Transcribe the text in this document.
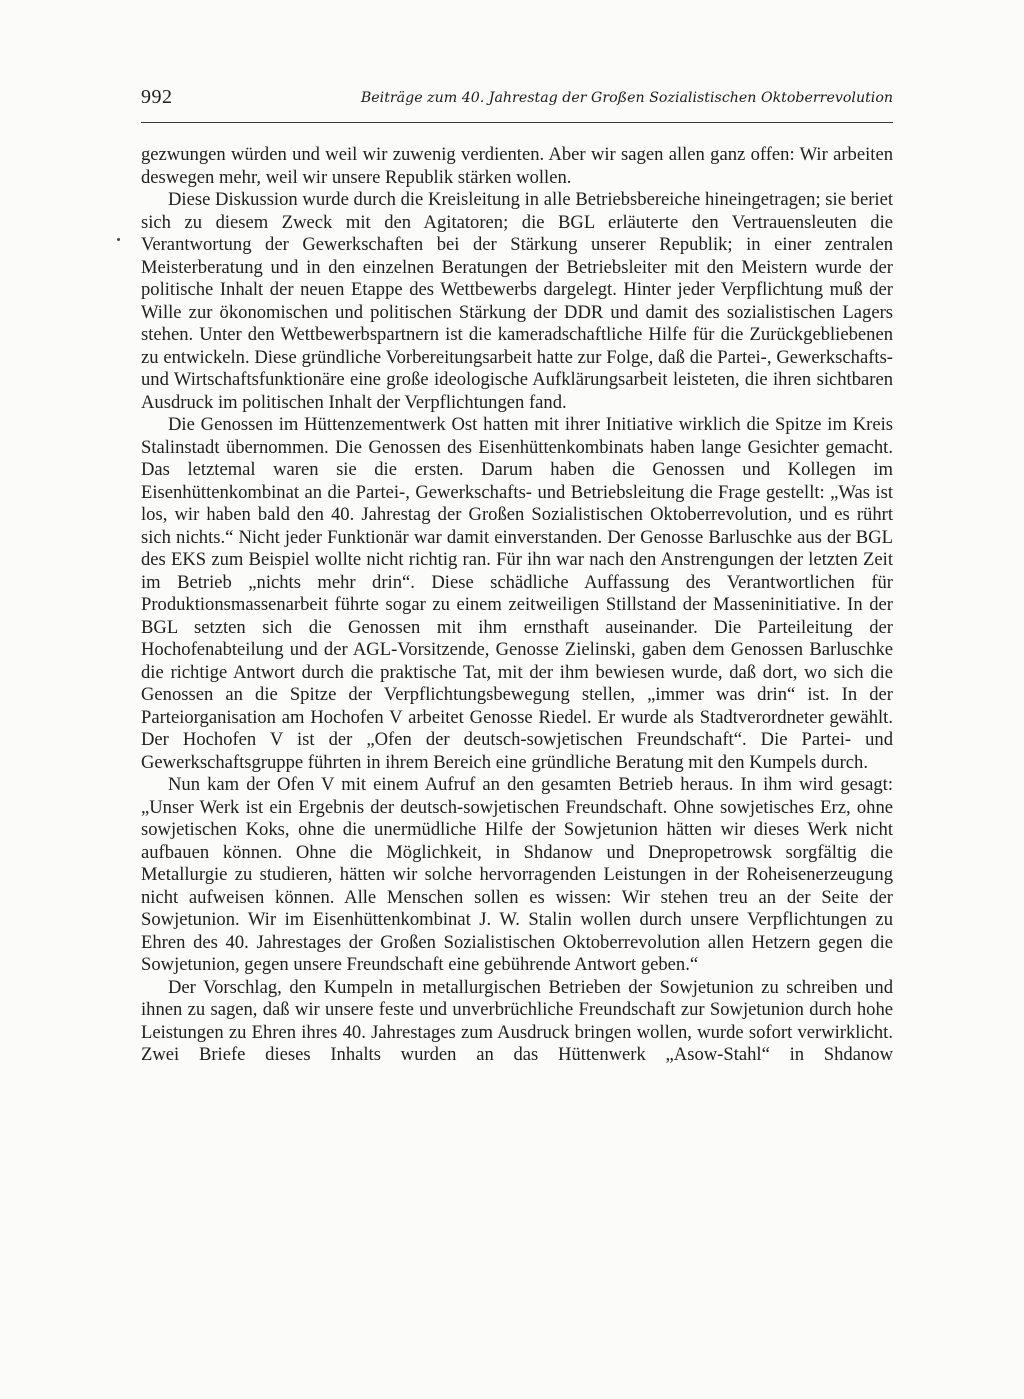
992	Beiträge zum 40. Jahrestag der Großen Sozialistischen Oktoberrevolution

gezwungen würden und weil wir zuwenig verdienten. Aber wir sagen allen ganz offen: Wir arbeiten deswegen mehr, weil wir unsere Republik stärken wollen.

Diese Diskussion wurde durch die Kreisleitung in alle Betriebsbereiche hineingetragen; sie beriet sich zu diesem Zweck mit den Agitatoren; die BGL erläuterte den Vertrauensleuten die Verantwortung der Gewerkschaften bei der Stärkung unserer Republik; in einer zentralen Meisterberatung und in den einzelnen Beratungen der Betriebsleiter mit den Meistern wurde der politische Inhalt der neuen Etappe des Wettbewerbs dargelegt. Hinter jeder Verpflichtung muß der Wille zur ökonomischen und politischen Stärkung der DDR und damit des sozialistischen Lagers stehen. Unter den Wettbewerbspartnern ist die kameradschaftliche Hilfe für die Zurückgebliebenen zu entwickeln. Diese gründliche Vorbereitungsarbeit hatte zur Folge, daß die Partei-, Gewerkschafts- und Wirtschaftsfunktionäre eine große ideologische Aufklärungsarbeit leisteten, die ihren sichtbaren Ausdruck im politischen Inhalt der Verpflichtungen fand.

Die Genossen im Hüttenzementwerk Ost hatten mit ihrer Initiative wirklich die Spitze im Kreis Stalinstadt übernommen. Die Genossen des Eisenhüttenkombinats haben lange Gesichter gemacht. Das letztemal waren sie die ersten. Darum haben die Genossen und Kollegen im Eisenhüttenkombinat an die Partei-, Gewerkschafts- und Betriebsleitung die Frage gestellt: „Was ist los, wir haben bald den 40. Jahrestag der Großen Sozialistischen Oktoberrevolution, und es rührt sich nichts.“ Nicht jeder Funktionär war damit einverstanden. Der Genosse Barluschke aus der BGL des EKS zum Beispiel wollte nicht richtig ran. Für ihn war nach den Anstrengungen der letzten Zeit im Betrieb „nichts mehr drin“. Diese schädliche Auffassung des Verantwortlichen für Produktionsmassenarbeit führte sogar zu einem zeitweiligen Stillstand der Masseninitiative. In der BGL setzten sich die Genossen mit ihm ernsthaft auseinander. Die Parteileitung der Hochofenabteilung und der AGL-Vorsitzende, Genosse Zielinski, gaben dem Genossen Barluschke die richtige Antwort durch die praktische Tat, mit der ihm bewiesen wurde, daß dort, wo sich die Genossen an die Spitze der Verpflichtungsbewegung stellen, „immer was drin“ ist. In der Parteiorganisation am Hochofen V arbeitet Genosse Riedel. Er wurde als Stadtverordneter gewählt. Der Hochofen V ist der „Ofen der deutsch-sowjetischen Freundschaft“. Die Partei- und Gewerkschaftsgruppe führten in ihrem Bereich eine gründliche Beratung mit den Kumpels durch.

Nun kam der Ofen V mit einem Aufruf an den gesamten Betrieb heraus. In ihm wird gesagt: „Unser Werk ist ein Ergebnis der deutsch-sowjetischen Freundschaft. Ohne sowjetisches Erz, ohne sowjetischen Koks, ohne die unermüdliche Hilfe der Sowjetunion hätten wir dieses Werk nicht aufbauen können. Ohne die Möglichkeit, in Shdanow und Dnepropetrowsk sorgfältig die Metallurgie zu studieren, hätten wir solche hervorragenden Leistungen in der Roheisenerzeugung nicht aufweisen können. Alle Menschen sollen es wissen: Wir stehen treu an der Seite der Sowjetunion. Wir im Eisenhüttenkombinat J. W. Stalin wollen durch unsere Verpflichtungen zu Ehren des 40. Jahrestages der Großen Sozialistischen Oktoberrevolution allen Hetzern gegen die Sowjetunion, gegen unsere Freundschaft eine gebührende Antwort geben.“

Der Vorschlag, den Kumpeln in metallurgischen Betrieben der Sowjetunion zu schreiben und ihnen zu sagen, daß wir unsere feste und unverbrüchliche Freundschaft zur Sowjetunion durch hohe Leistungen zu Ehren ihres 40. Jahrestages zum Ausdruck bringen wollen, wurde sofort verwirklicht. Zwei Briefe dieses Inhalts wurden an das Hüttenwerk „Asow-Stahl“ in Shdanow
